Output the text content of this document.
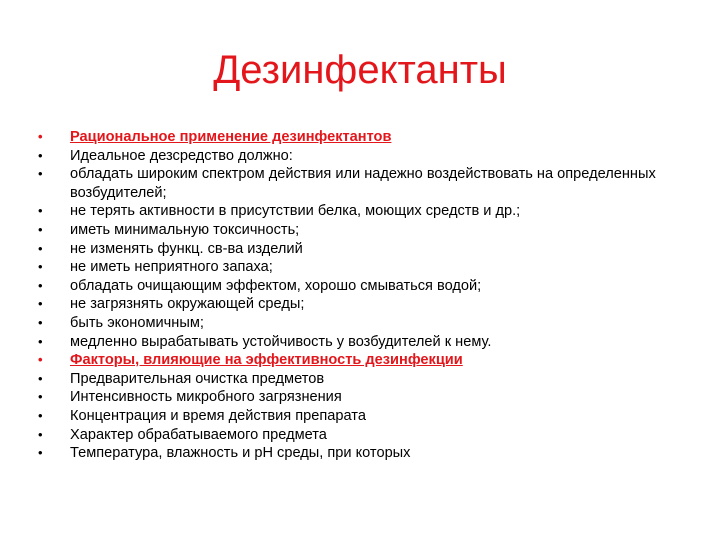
Дезинфектанты
•	Рациональное применение дезинфектантов
•	Идеальное дезсредство должно:
•	обладать широким спектром действия или надежно воздействовать на определенных возбудителей;
•	не терять активности в присутствии белка, моющих средств и др.;
•	иметь минимальную токсичность;
•	не изменять функц. св-ва изделий
•	не иметь неприятного запаха;
•	обладать очищающим эффектом, хорошо смываться водой;
•	не загрязнять окружающей среды;
•	быть экономичным;
•	медленно вырабатывать устойчивость у возбудителей к нему.
•	Факторы, влияющие на эффективность дезинфекции
•	Предварительная очистка предметов
•	Интенсивность микробного загрязнения
•	Концентрация и время действия препарата
•	Характер обрабатываемого предмета
•	Температура, влажность и рН среды, при которых
